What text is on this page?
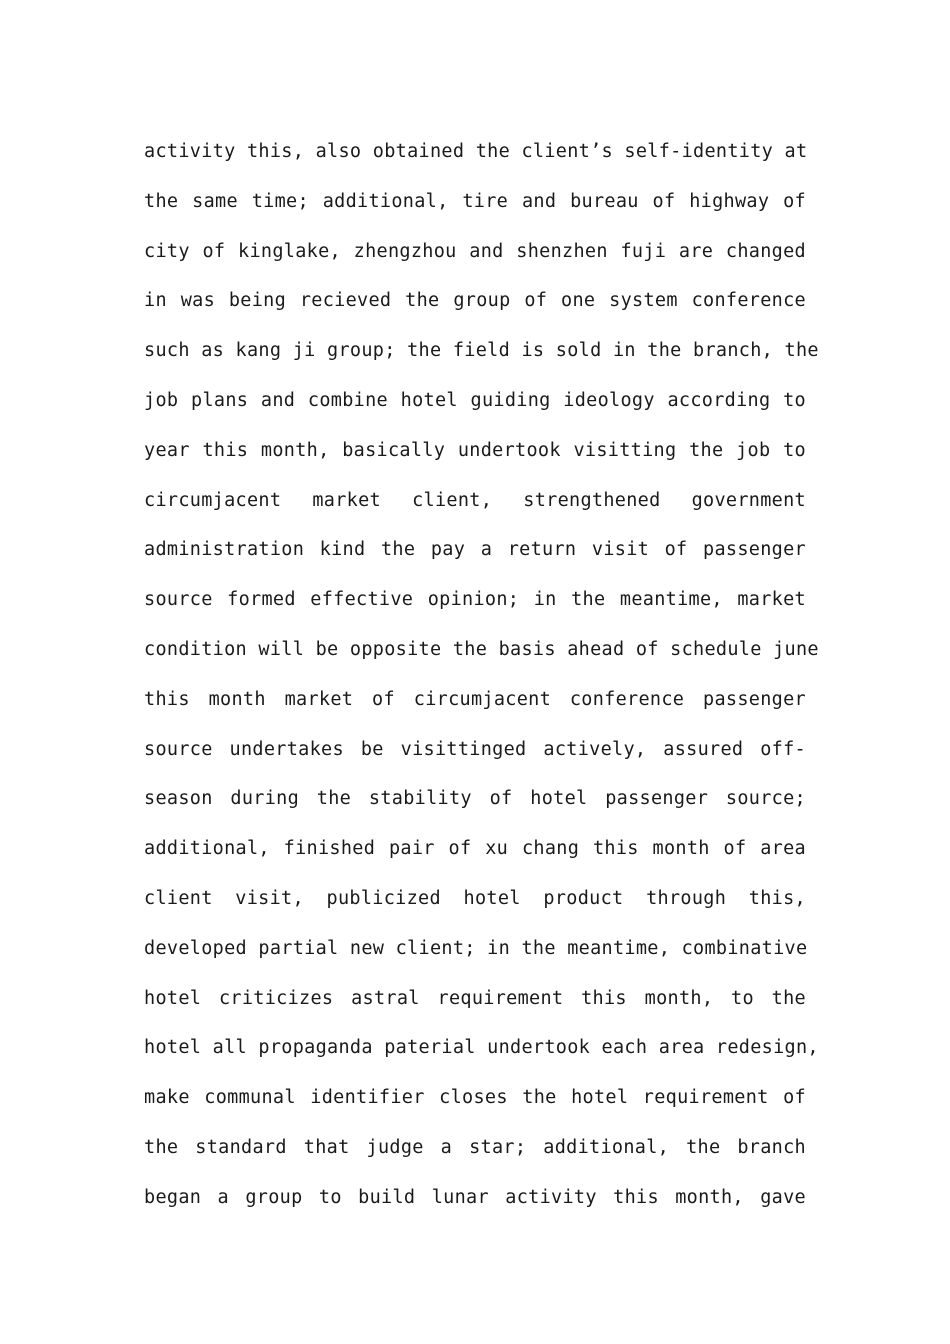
activity this, also obtained the client’s self-identity at
the same time; additional, tire and bureau of highway of
city of kinglake, zhengzhou and shenzhen fuji are changed
in was being recieved the group of one system conference
such as kang ji group; the field is sold in the branch, the
job plans and combine hotel guiding ideology according to
year this month, basically undertook visitting the job to
circumjacent market client, strengthened government
administration kind the pay a return visit of passenger
source formed effective opinion; in the meantime, market
condition will be opposite the basis ahead of schedule june
this month market of circumjacent conference passenger
source undertakes be visittinged actively, assured off-
season during the stability of hotel passenger source;
additional, finished pair of xu chang this month of area
client visit, publicized hotel product through this,
developed partial new client; in the meantime, combinative
hotel criticizes astral requirement this month, to the
hotel all propaganda paterial undertook each area redesign,
make communal identifier closes the hotel requirement of
the standard that judge a star; additional, the branch
began a group to build lunar activity this month, gave
